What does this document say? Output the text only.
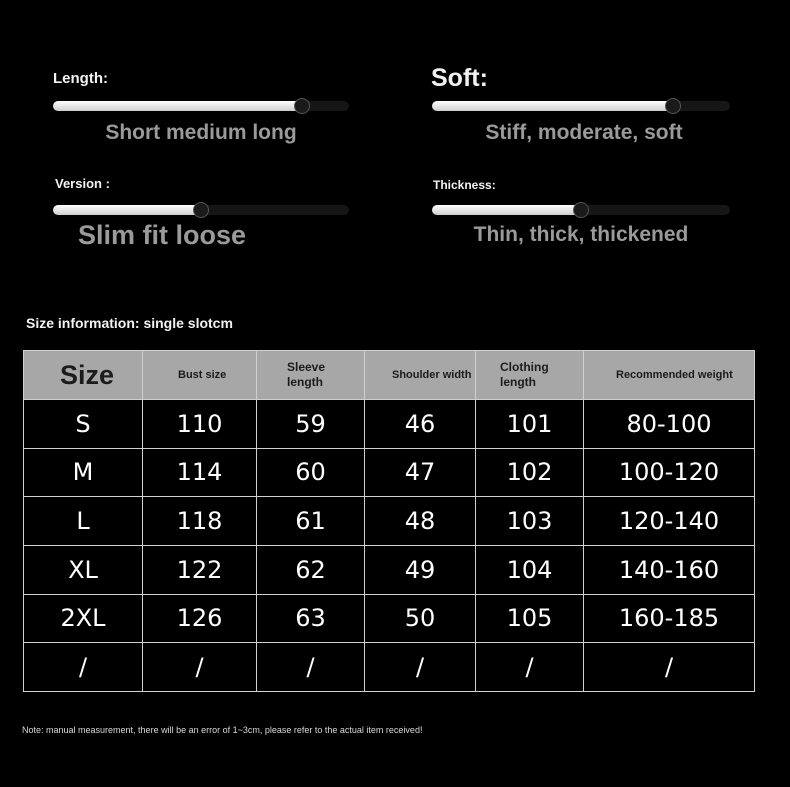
Length:
Short medium long
Soft:
Stiff, moderate, soft
Version :
Slim fit loose
Thickness:
Thin, thick, thickened
Size information: single slotcm
Size	Bust size	Sleeve length	Shoulder width	Clothing length	Recommended weight
S	110	59	46	101	80-100
M	114	60	47	102	100-120
L	118	61	48	103	120-140
XL	122	62	49	104	140-160
2XL	126	63	50	105	160-185
/	/	/	/	/	/
Note: manual measurement, there will be an error of 1~3cm, please refer to the actual item received!
